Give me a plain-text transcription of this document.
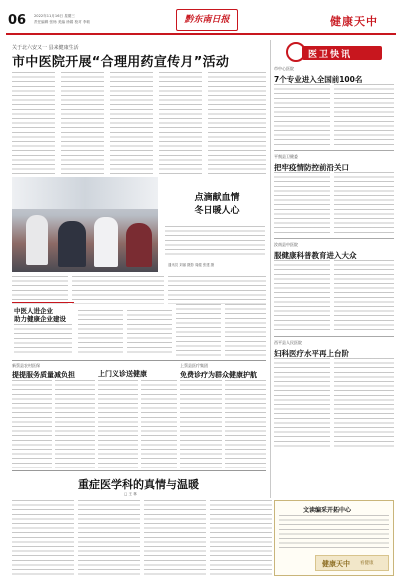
06 2022年11月16日 星期三
责任编辑 张杨 美编 徐娟 校对 李莉	黔东南日报	健康天中
关于北六安又一 县来健康生活
市中医院开展“合理用药宣传月”活动
点滴献血情
冬日暖人心
通讯员 刘丽 摄影 周健 张建 摄
中医人进企业
助力健康企业建设
新蔡县农村医保
提提服务质量减负担	上门义诊送健康
上蔡县医疗集团
免费诊疗为群众健康护航
重症医学科的真情与温暖
□ 王 林
医卫快讯
市中心医院
7个专业进入全国前100名
平舆县卫健委
把牢疫情防控前沿关口
汝南县中医院
服健康科普教育进入大众
西平县人民医院
妇科医疗水平再上台阶
文读编采开拓中心
健康天中 看健康
